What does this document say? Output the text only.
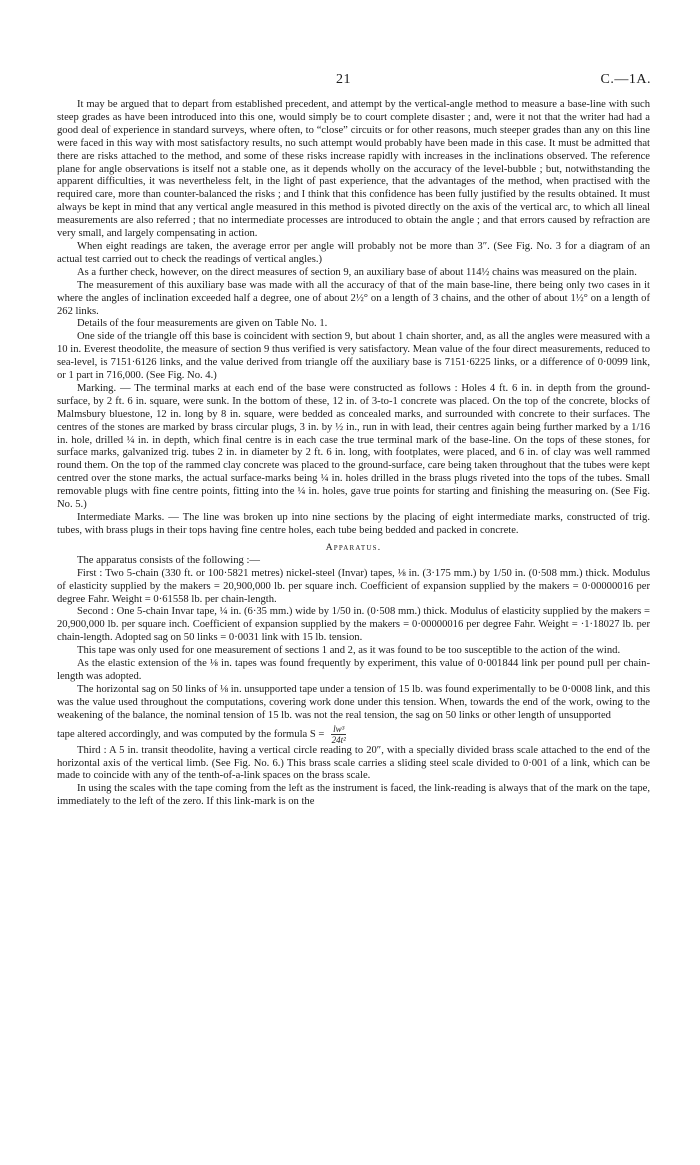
21	C.—1A.

It may be argued that to depart from established precedent, and attempt by the vertical-angle method to measure a base-line with such steep grades as have been introduced into this one, would simply be to court complete disaster ; and, were it not that the writer had had a good deal of experience in standard surveys, where often, to “close” circuits or for other reasons, much steeper grades than any on this line were faced in this way with most satisfactory results, no such attempt would probably have been made in this case. It must be admitted that there are risks attached to the method, and some of these risks increase rapidly with increases in the inclinations observed. The reference plane for angle observations is itself not a stable one, as it depends wholly on the accuracy of the level-bubble ; but, notwithstanding the apparent difficulties, it was nevertheless felt, in the light of past experience, that the advantages of the method, when practised with the required care, more than counter-balanced the risks ; and I think that this confidence has been fully justified by the results obtained. It must always be kept in mind that any vertical angle measured in this method is pivoted directly on the axis of the vertical arc, to which all lineal measurements are also referred ; that no intermediate processes are introduced to obtain the angle ; and that errors caused by refraction are very small, and largely compensating in action.

When eight readings are taken, the average error per angle will probably not be more than 3″. (See Fig. No. 3 for a diagram of an actual test carried out to check the readings of vertical angles.)

As a further check, however, on the direct measures of section 9, an auxiliary base of about 114½ chains was measured on the plain.

The measurement of this auxiliary base was made with all the accuracy of that of the main base-line, there being only two cases in it where the angles of inclination exceeded half a degree, one of about 2½° on a length of 3 chains, and the other of about 1½° on a length of 262 links.

Details of the four measurements are given on Table No. 1.

One side of the triangle off this base is coincident with section 9, but about 1 chain shorter, and, as all the angles were measured with a 10 in. Everest theodolite, the measure of section 9 thus verified is very satisfactory. Mean value of the four direct measurements, reduced to sea-level, is 7151·6126 links, and the value derived from triangle off the auxiliary base is 7151·6225 links, or a difference of 0·0099 link, or 1 part in 716,000. (See Fig. No. 4.)

Marking. — The terminal marks at each end of the base were constructed as follows : Holes 4 ft. 6 in. in depth from the ground-surface, by 2 ft. 6 in. square, were sunk. In the bottom of these, 12 in. of 3-to-1 concrete was placed. On the top of the concrete, blocks of Malmsbury bluestone, 12 in. long by 8 in. square, were bedded as concealed marks, and surrounded with concrete to their surfaces. The centres of the stones are marked by brass circular plugs, 3 in. by ½ in., run in with lead, their centres again being further marked by a 1/16 in. hole, drilled ¼ in. in depth, which final centre is in each case the true terminal mark of the base-line. On the tops of these stones, for surface marks, galvanized trig. tubes 2 in. in diameter by 2 ft. 6 in. long, with footplates, were placed, and 6 in. of clay was well rammed round them. On the top of the rammed clay concrete was placed to the ground-surface, care being taken throughout that the tubes were kept centred over the stone marks, the actual surface-marks being ¼ in. holes drilled in the brass plugs riveted into the tops of the tubes. Small removable plugs with fine centre points, fitting into the ¼ in. holes, gave true points for starting and finishing the measuring on. (See Fig. No. 5.)

Intermediate Marks. — The line was broken up into nine sections by the placing of eight intermediate marks, constructed of trig. tubes, with brass plugs in their tops having fine centre holes, each tube being bedded and packed in concrete.

Apparatus.

The apparatus consists of the following :—

First : Two 5-chain (330 ft. or 100·5821 metres) nickel-steel (Invar) tapes, ⅛ in. (3·175 mm.) by 1/50 in. (0·508 mm.) thick. Modulus of elasticity supplied by the makers = 20,900,000 lb. per square inch. Coefficient of expansion supplied by the makers = 0·00000016 per degree Fahr. Weight = 0·61558 lb. per chain-length.

Second : One 5-chain Invar tape, ¼ in. (6·35 mm.) wide by 1/50 in. (0·508 mm.) thick. Modulus of elasticity supplied by the makers = 20,900,000 lb. per square inch. Coefficient of expansion supplied by the makers = 0·00000016 per degree Fahr. Weight = ·1·18027 lb. per chain-length. Adopted sag on 50 links = 0·0031 link with 15 lb. tension.

This tape was only used for one measurement of sections 1 and 2, as it was found to be too susceptible to the action of the wind.

As the elastic extension of the ⅛ in. tapes was found frequently by experiment, this value of 0·001844 link per pound pull per chain-length was adopted.

The horizontal sag on 50 links of ⅛ in. unsupported tape under a tension of 15 lb. was found experimentally to be 0·0008 link, and this was the value used throughout the computations, covering work done under this tension. When, towards the end of the work, owing to the weakening of the balance, the nominal tension of 15 lb. was not the real tension, the sag on 50 links or other length of unsupported

tape altered accordingly, and was computed by the formula $S = \frac{\text{lw³}}{\text{24t²}}$

Third : A 5 in. transit theodolite, having a vertical circle reading to 20″, with a specially divided brass scale attached to the end of the horizontal axis of the vertical limb. (See Fig. No. 6.) This brass scale carries a sliding steel scale divided to 0·001 of a link, which can be made to coincide with any of the tenth-of-a-link spaces on the brass scale.

In using the scales with the tape coming from the left as the instrument is faced, the link-reading is always that of the mark on the tape, immediately to the left of the zero. If this link-mark is on the
